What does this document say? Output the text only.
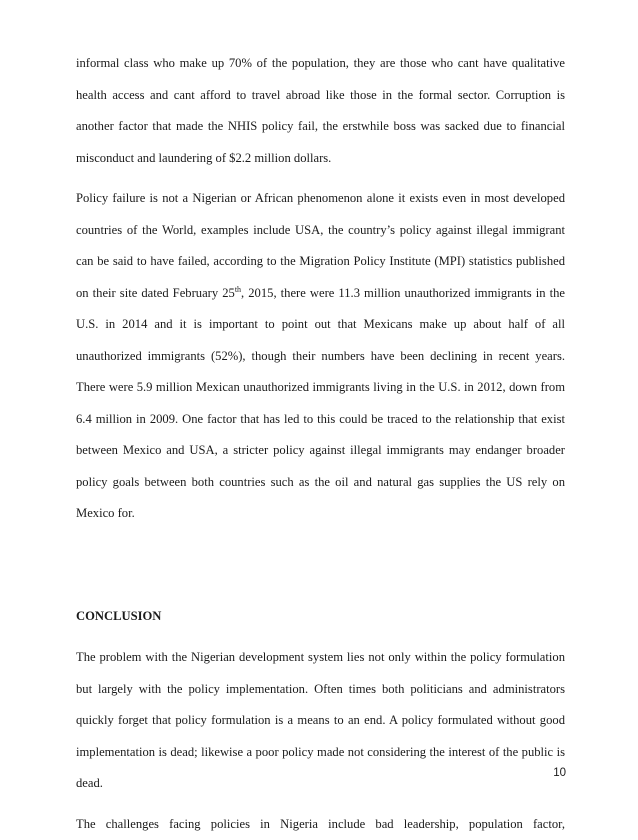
informal class who make up 70% of the population, they are those who cant have qualitative health access and cant afford to travel abroad like those in the formal sector. Corruption is another factor that made the NHIS policy fail, the erstwhile boss was sacked due to financial misconduct and laundering of $2.2 million dollars.

Policy failure is not a Nigerian or African phenomenon alone it exists even in most developed countries of the World, examples include USA, the country’s policy against illegal immigrant can be said to have failed, according to the Migration Policy Institute (MPI) statistics published on their site dated February 25th, 2015, there were 11.3 million unauthorized immigrants in the U.S. in 2014 and it is important to point out that Mexicans make up about half of all unauthorized immigrants (52%), though their numbers have been declining in recent years. There were 5.9 million Mexican unauthorized immigrants living in the U.S. in 2012, down from 6.4 million in 2009. One factor that has led to this could be traced to the relationship that exist between Mexico and USA, a stricter policy against illegal immigrants may endanger broader policy goals between both countries such as the oil and natural gas supplies the US rely on Mexico for.

CONCLUSION

The problem with the Nigerian development system lies not only within the policy formulation but largely with the policy implementation. Often times both politicians and administrators quickly forget that policy formulation is a means to an end. A policy formulated without good implementation is dead; likewise a poor policy made not considering the interest of the public is dead.

The challenges facing policies in Nigeria include bad leadership, population factor,

10
